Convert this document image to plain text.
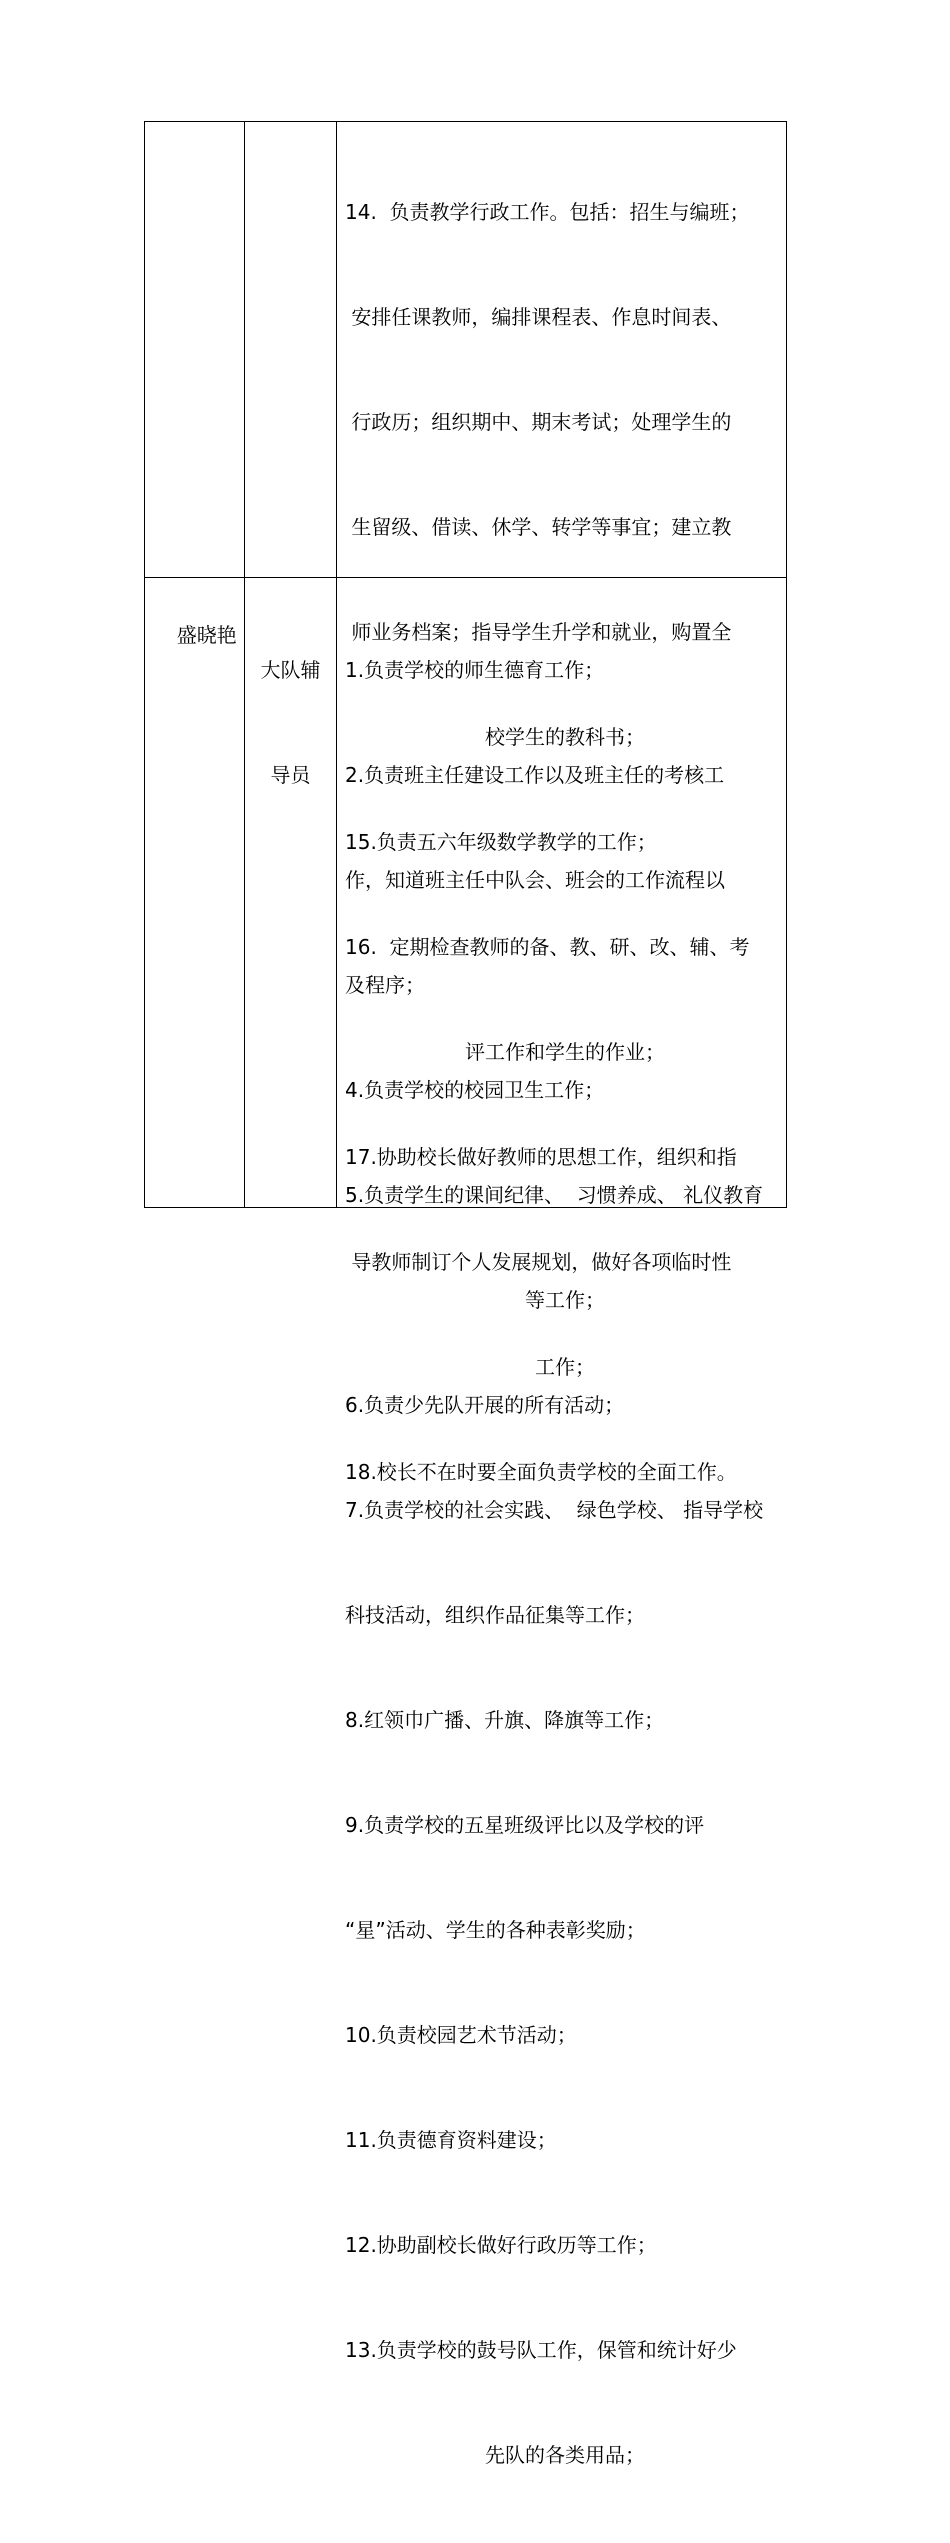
14.  负责教学行政工作。包括：招生与编班；

安排任课教师，编排课程表、作息时间表、

行政历；组织期中、期末考试；处理学生的

生留级、借读、休学、转学等事宜；建立教

师业务档案；指导学生升学和就业，购置全

校学生的教科书；

15.负责五六年级数学教学的工作；

16.  定期检查教师的备、教、研、改、辅、考

评工作和学生的作业；

17.协助校长做好教师的思想工作，组织和指

导教师制订个人发展规划，做好各项临时性

工作；

18.校长不在时要全面负责学校的全面工作。

盛晓艳

大队辅

导员

1.负责学校的师生德育工作；

2.负责班主任建设工作以及班主任的考核工

作，知道班主任中队会、班会的工作流程以

及程序；

4.负责学校的校园卫生工作；

5.负责学生的课间纪律、  习惯养成、 礼仪教育

等工作；

6.负责少先队开展的所有活动；

7.负责学校的社会实践、  绿色学校、 指导学校

科技活动，组织作品征集等工作；

8.红领巾广播、升旗、降旗等工作；

9.负责学校的五星班级评比以及学校的评

“星”活动、学生的各种表彰奖励；

10.负责校园艺术节活动；

11.负责德育资料建设；

12.协助副校长做好行政历等工作；

13.负责学校的鼓号队工作，保管和统计好少

先队的各类用品；
